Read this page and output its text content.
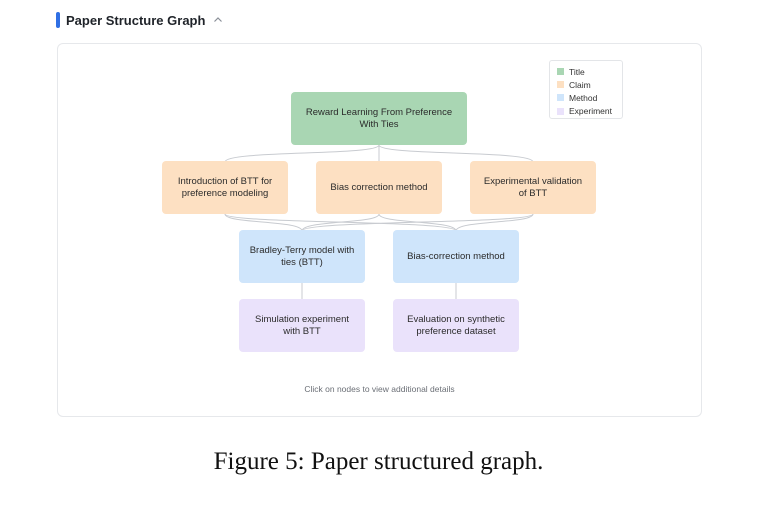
Paper Structure Graph
Reward Learning From Preference With Ties
Introduction of BTT for preference modeling
Bias correction method
Experimental validation of BTT
Bradley-Terry model with ties (BTT)
Bias-correction method
Simulation experiment with BTT
Evaluation on synthetic preference dataset
Title
Claim
Method
Experiment
Click on nodes to view additional details
Figure 5: Paper structured graph.
